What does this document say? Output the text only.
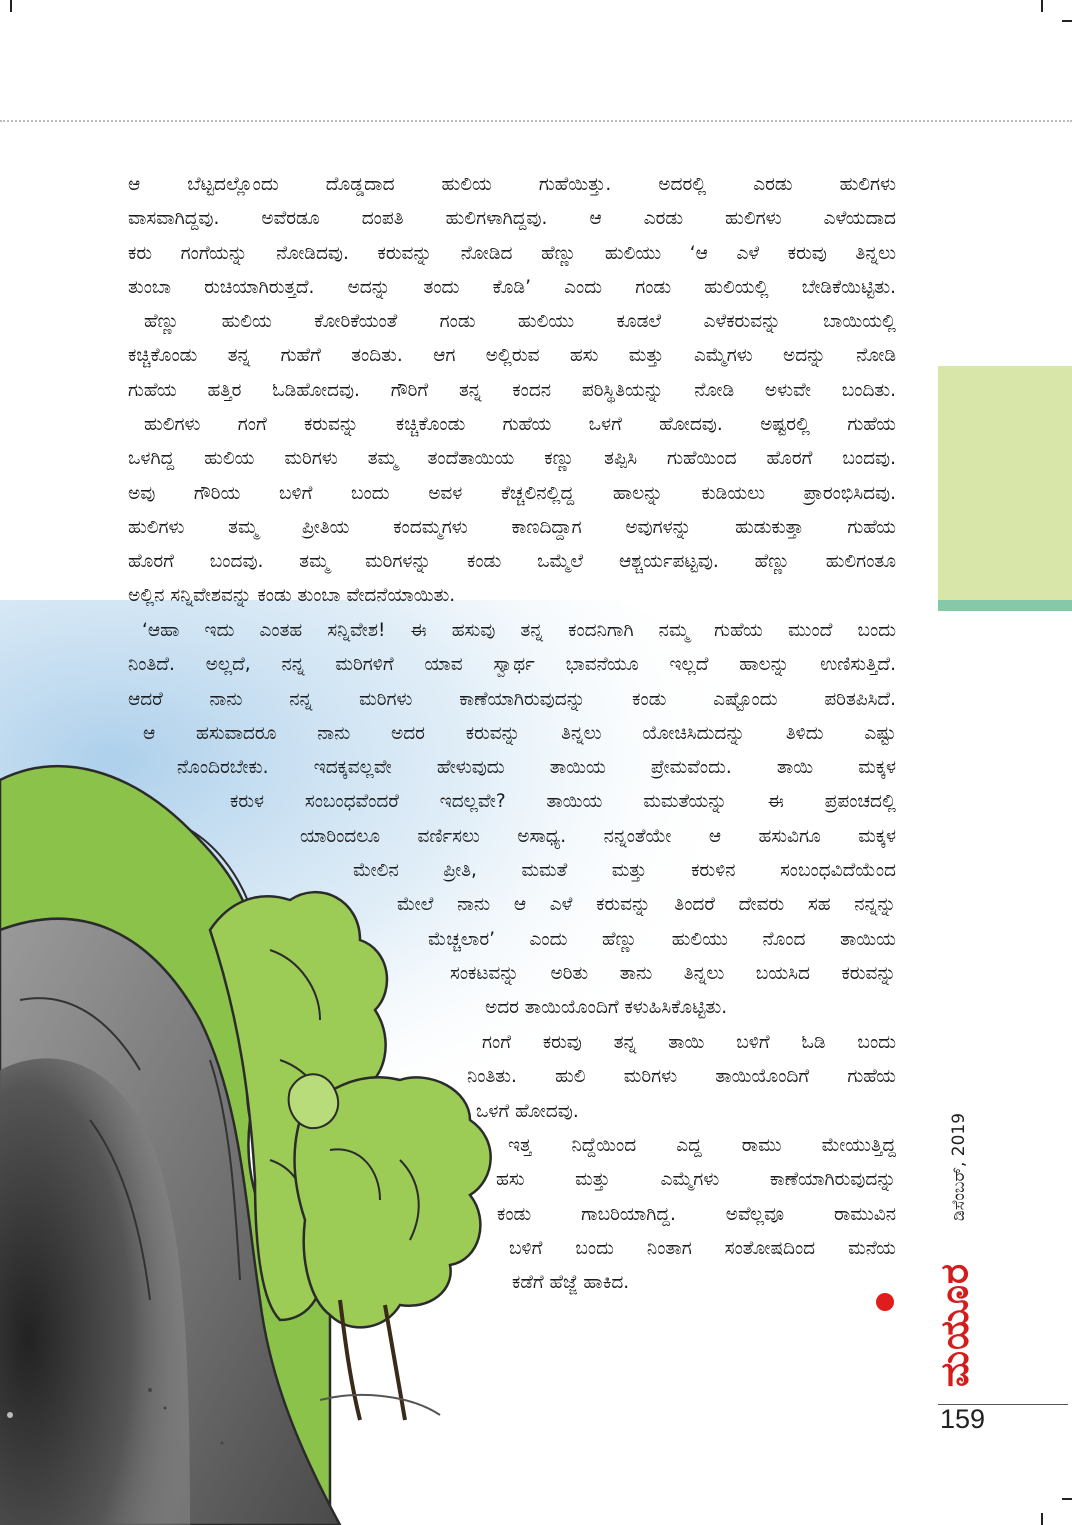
ಆ ಬೆಟ್ಟದಲ್ಲೊಂದು ದೊಡ್ಡದಾದ ಹುಲಿಯ ಗುಹೆಯಿತ್ತು. ಅದರಲ್ಲಿ ಎರಡು ಹುಲಿಗಳು
ವಾಸವಾಗಿದ್ದವು. ಅವೆರಡೂ ದಂಪತಿ ಹುಲಿಗಳಾಗಿದ್ದವು. ಆ ಎರಡು ಹುಲಿಗಳು ಎಳೆಯದಾದ
ಕರು ಗಂಗೆಯನ್ನು ನೋಡಿದವು. ಕರುವನ್ನು ನೋಡಿದ ಹೆಣ್ಣು ಹುಲಿಯು ‘ಆ ಎಳೆ ಕರುವು ತಿನ್ನಲು
ತುಂಬಾ ರುಚಿಯಾಗಿರುತ್ತದೆ. ಅದನ್ನು ತಂದು ಕೊಡಿ’ ಎಂದು ಗಂಡು ಹುಲಿಯಲ್ಲಿ ಬೇಡಿಕೆಯಿಟ್ಟಿತು.
ಹೆಣ್ಣು ಹುಲಿಯ ಕೋರಿಕೆಯಂತೆ ಗಂಡು ಹುಲಿಯು ಕೂಡಲೆ ಎಳೆಕರುವನ್ನು ಬಾಯಿಯಲ್ಲಿ
ಕಚ್ಚಿಕೊಂಡು ತನ್ನ ಗುಹೆಗೆ ತಂದಿತು. ಆಗ ಅಲ್ಲಿರುವ ಹಸು ಮತ್ತು ಎಮ್ಮೆಗಳು ಅದನ್ನು ನೋಡಿ
ಗುಹೆಯ ಹತ್ತಿರ ಓಡಿಹೋದವು. ಗೌರಿಗೆ ತನ್ನ ಕಂದನ ಪರಿಸ್ಥಿತಿಯನ್ನು ನೋಡಿ ಅಳುವೇ ಬಂದಿತು.
ಹುಲಿಗಳು ಗಂಗೆ ಕರುವನ್ನು ಕಚ್ಚಿಕೊಂಡು ಗುಹೆಯ ಒಳಗೆ ಹೋದವು. ಅಷ್ಟರಲ್ಲಿ ಗುಹೆಯ
ಒಳಗಿದ್ದ ಹುಲಿಯ ಮರಿಗಳು ತಮ್ಮ ತಂದೆತಾಯಿಯ ಕಣ್ಣು ತಪ್ಪಿಸಿ ಗುಹೆಯಿಂದ ಹೊರಗೆ ಬಂದವು.
ಅವು ಗೌರಿಯ ಬಳಿಗೆ ಬಂದು ಅವಳ ಕೆಚ್ಚಲಿನಲ್ಲಿದ್ದ ಹಾಲನ್ನು ಕುಡಿಯಲು ಪ್ರಾರಂಭಿಸಿದವು.
ಹುಲಿಗಳು ತಮ್ಮ ಪ್ರೀತಿಯ ಕಂದಮ್ಮಗಳು ಕಾಣದಿದ್ದಾಗ ಅವುಗಳನ್ನು ಹುಡುಕುತ್ತಾ ಗುಹೆಯ
ಹೊರಗೆ ಬಂದವು. ತಮ್ಮ ಮರಿಗಳನ್ನು ಕಂಡು ಒಮ್ಮೆಲೆ ಆಶ್ಚರ್ಯಪಟ್ಟವು. ಹೆಣ್ಣು ಹುಲಿಗಂತೂ
ಅಲ್ಲಿನ ಸನ್ನಿವೇಶವನ್ನು ಕಂಡು ತುಂಬಾ ವೇದನೆಯಾಯಿತು.
‘ಆಹಾ ಇದು ಎಂತಹ ಸನ್ನಿವೇಶ! ಈ ಹಸುವು ತನ್ನ ಕಂದನಿಗಾಗಿ ನಮ್ಮ ಗುಹೆಯ ಮುಂದೆ ಬಂದು
ನಿಂತಿದೆ. ಅಲ್ಲದೆ, ನನ್ನ ಮರಿಗಳಿಗೆ ಯಾವ ಸ್ವಾರ್ಥ ಭಾವನೆಯೂ ಇಲ್ಲದೆ ಹಾಲನ್ನು ಉಣಿಸುತ್ತಿದೆ.
ಆದರೆ ನಾನು ನನ್ನ ಮರಿಗಳು ಕಾಣೆಯಾಗಿರುವುದನ್ನು ಕಂಡು ಎಷ್ಟೊಂದು ಪರಿತಪಿಸಿದೆ.
ಆ ಹಸುವಾದರೂ ನಾನು ಅದರ ಕರುವನ್ನು ತಿನ್ನಲು ಯೋಚಿಸಿದುದನ್ನು ತಿಳಿದು ಎಷ್ಟು
ನೊಂದಿರಬೇಕು. ಇದಕ್ಕವಲ್ಲವೇ ಹೇಳುವುದು ತಾಯಿಯ ಪ್ರೇಮವೆಂದು. ತಾಯಿ ಮಕ್ಕಳ
ಕರುಳ ಸಂಬಂಧವೆಂದರೆ ಇದಲ್ಲವೇ? ತಾಯಿಯ ಮಮತೆಯನ್ನು ಈ ಪ್ರಪಂಚದಲ್ಲಿ
ಯಾರಿಂದಲೂ ವರ್ಣಿಸಲು ಅಸಾಧ್ಯ. ನನ್ನಂತೆಯೇ ಆ ಹಸುವಿಗೂ ಮಕ್ಕಳ
ಮೇಲಿನ ಪ್ರೀತಿ, ಮಮತೆ ಮತ್ತು ಕರುಳಿನ ಸಂಬಂಧವಿದೆಯೆಂದ
ಮೇಲೆ ನಾನು ಆ ಎಳೆ ಕರುವನ್ನು ತಿಂದರೆ ದೇವರು ಸಹ ನನ್ನನ್ನು
ಮೆಚ್ಚಲಾರ’ ಎಂದು ಹೆಣ್ಣು ಹುಲಿಯು ನೊಂದ ತಾಯಿಯ
ಸಂಕಟವನ್ನು ಅರಿತು ತಾನು ತಿನ್ನಲು ಬಯಸಿದ ಕರುವನ್ನು
ಅದರ ತಾಯಿಯೊಂದಿಗೆ ಕಳುಹಿಸಿಕೊಟ್ಟಿತು.
ಗಂಗೆ ಕರುವು ತನ್ನ ತಾಯಿ ಬಳಿಗೆ ಓಡಿ ಬಂದು
ನಿಂತಿತು. ಹುಲಿ ಮರಿಗಳು ತಾಯಿಯೊಂದಿಗೆ ಗುಹೆಯ
ಒಳಗೆ ಹೋದವು.
ಇತ್ತ ನಿದ್ದೆಯಿಂದ ಎದ್ದ ರಾಮು ಮೇಯುತ್ತಿದ್ದ
ಹಸು ಮತ್ತು ಎಮ್ಮೆಗಳು ಕಾಣೆಯಾಗಿರುವುದನ್ನು
ಕಂಡು ಗಾಬರಿಯಾಗಿದ್ದ. ಅವೆಲ್ಲವೂ ರಾಮುವಿನ
ಬಳಿಗೆ ಬಂದು ನಿಂತಾಗ ಸಂತೋಷದಿಂದ ಮನೆಯ
ಕಡೆಗೆ ಹೆಜ್ಜೆ ಹಾಕಿದ.
ಡಿಸೆಂಬರ್, 2019
ಮಯೂರ
159
